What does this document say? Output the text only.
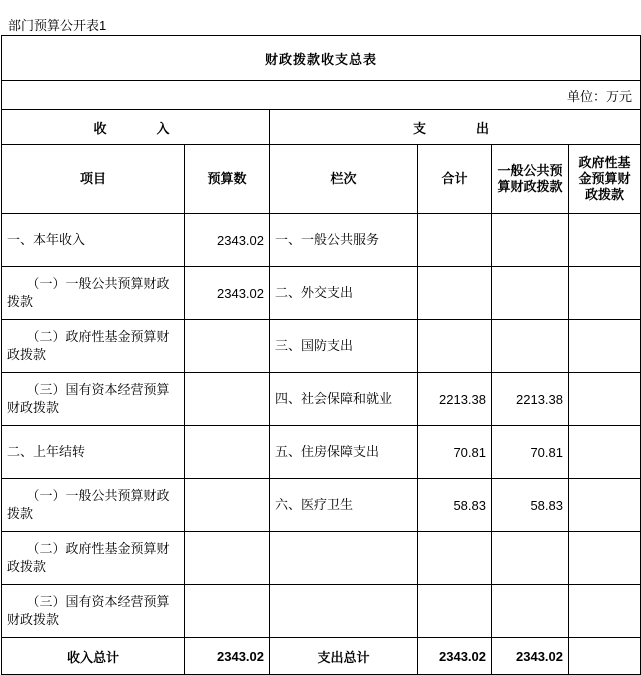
部门预算公开表1
财政拨款收支总表					
单位：万元					
收　　入		支　　出			
项目	预算数	栏次	合计	一般公共预算财政拨款	政府性基金预算财政拨款
一、本年收入	2343.02	一、一般公共服务			
　　（一）一般公共预算财政拨款	2343.02	二、外交支出			
　　（二）政府性基金预算财政拨款		三、国防支出			
　　（三）国有资本经营预算财政拨款		四、社会保障和就业	2213.38	2213.38	
二、上年结转		五、住房保障支出	70.81	70.81	
　　（一）一般公共预算财政拨款		六、医疗卫生	58.83	58.83	
　　（二）政府性基金预算财政拨款					
　　（三）国有资本经营预算财政拨款					
收入总计	2343.02	支出总计	2343.02	2343.02	
